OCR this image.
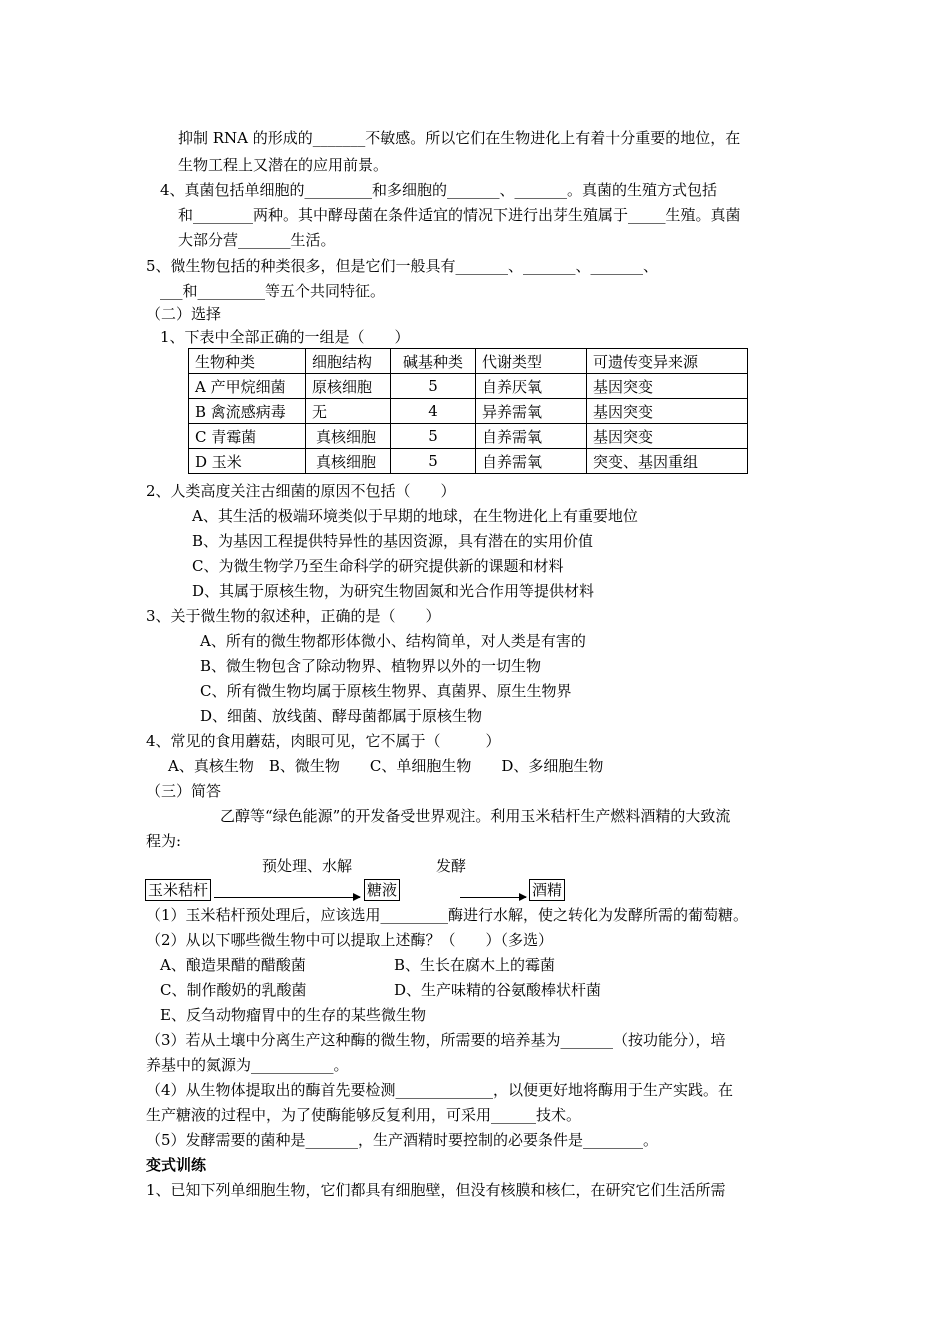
抑制 RNA 的形成的_______不敏感。所以它们在生物进化上有着十分重要的地位，在
生物工程上又潜在的应用前景。
4、真菌包括单细胞的_________和多细胞的_______、_______。真菌的生殖方式包括
和________两种。其中酵母菌在条件适宜的情况下进行出芽生殖属于_____生殖。真菌
大部分营_______生活。
5、微生物包括的种类很多，但是它们一般具有_______、_______、_______、
___和_________等五个共同特征。
（二）选择
1、下表中全部正确的一组是（　　）
生物种类	细胞结构	碱基种类	代谢类型	可遗传变异来源
A 产甲烷细菌	原核细胞	5	自养厌氧	基因突变
B 禽流感病毒	无	4	异养需氧	基因突变
C 青霉菌	真核细胞	5	自养需氧	基因突变
D 玉米	真核细胞	5	自养需氧	突变、基因重组
2、人类高度关注古细菌的原因不包括（　　）
A、其生活的极端环境类似于早期的地球，在生物进化上有重要地位
B、为基因工程提供特异性的基因资源，具有潜在的实用价值
C、为微生物学乃至生命科学的研究提供新的课题和材料
D、其属于原核生物，为研究生物固氮和光合作用等提供材料
3、关于微生物的叙述种，正确的是（　　）
A、所有的微生物都形体微小、结构简单，对人类是有害的
B、微生物包含了除动物界、植物界以外的一切生物
C、所有微生物均属于原核生物界、真菌界、原生生物界
D、细菌、放线菌、酵母菌都属于原核生物
4、常见的食用蘑菇，肉眼可见，它不属于（　　　）
A、真核生物　B、微生物　　C、单细胞生物　　D、多细胞生物
（三）简答
乙醇等“绿色能源”的开发备受世界观注。利用玉米秸杆生产燃料酒精的大致流
程为:
预处理、水解	发酵
玉米秸杆	糖液	酒精
（1）玉米秸杆预处理后，应该选用_________酶进行水解，使之转化为发酵所需的葡萄糖。
（2）从以下哪些微生物中可以提取上述酶？（　　）（多选）
A、酿造果醋的醋酸菌	B、生长在腐木上的霉菌
C、制作酸奶的乳酸菌	D、生产味精的谷氨酸棒状杆菌
E、反刍动物瘤胃中的生存的某些微生物
（3）若从土壤中分离生产这种酶的微生物，所需要的培养基为_______（按功能分），培
养基中的氮源为___________。
（4）从生物体提取出的酶首先要检测_____________，以便更好地将酶用于生产实践。在
生产糖液的过程中，为了使酶能够反复利用，可采用______技术。
（5）发酵需要的菌种是_______，生产酒精时要控制的必要条件是________。
变式训练
1、已知下列单细胞生物，它们都具有细胞壁，但没有核膜和核仁，在研究它们生活所需
